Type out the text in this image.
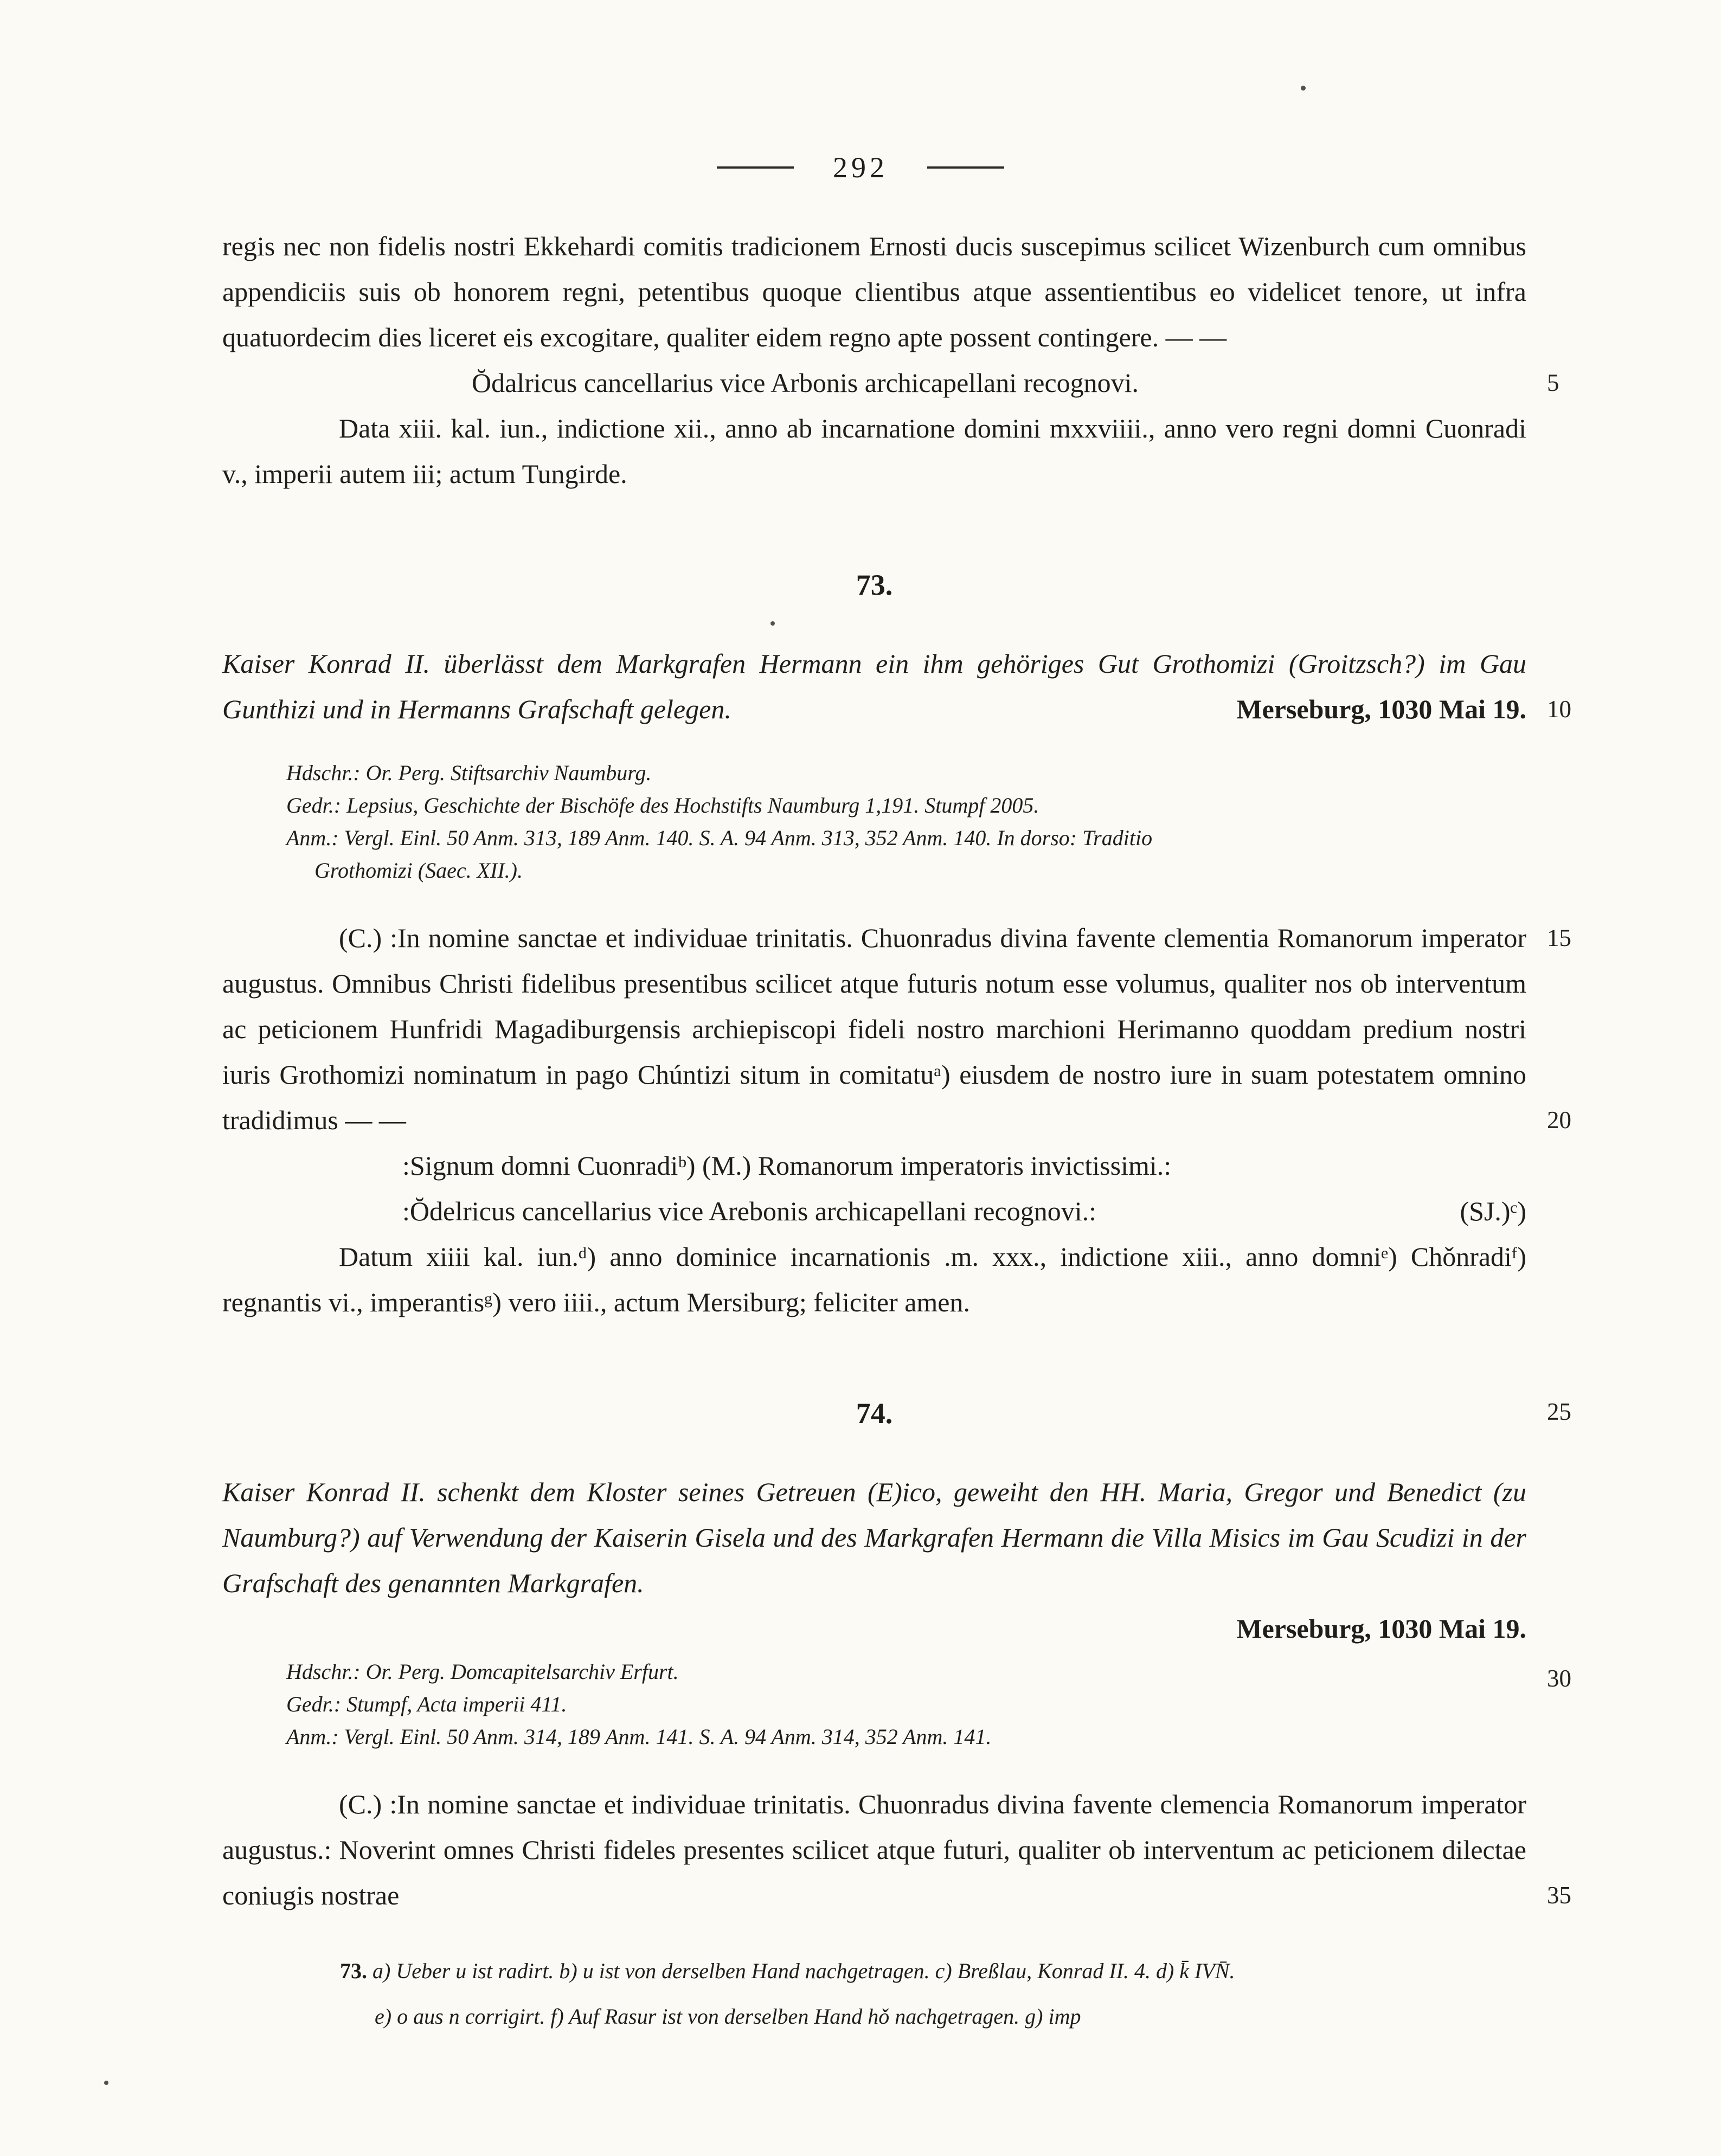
292

regis nec non fidelis nostri Ekkehardi comitis tradicionem Ernosti ducis suscepimus scilicet Wizenburch cum omnibus appendiciis suis ob honorem regni, petentibus quoque clientibus atque assentientibus eo videlicet tenore, ut infra quatuordecim dies liceret eis excogitare, qualiter eidem regno apte possent contingere. — —

Ŏdalricus cancellarius vice Arbonis archicapellani recognovi.	5

Data xiii. kal. iun., indictione xii., anno ab incarnatione domini mxxviiii., anno vero regni domni Cuonradi v., imperii autem iii; actum Tungirde.

73.

Kaiser Konrad II. überlässt dem Markgrafen Hermann ein ihm gehöriges Gut Grothomizi (Groitzsch?) im Gau Gunthizi und in Hermanns Grafschaft gelegen.	Merseburg, 1030 Mai 19. 10
Hdschr.: Or. Perg. Stiftsarchiv Naumburg.
Gedr.: Lepsius, Geschichte der Bischöfe des Hochstifts Naumburg 1,191. Stumpf 2005.
Anm.: Vergl. Einl. 50 Anm. 313, 189 Anm. 140. S. A. 94 Anm. 313, 352 Anm. 140. In dorso: Traditio
Grothomizi (Saec. XII.).

(C.) :In nomine sanctae et individuae trinitatis. Chuonradus divina favente clementia Romanorum imperator augustus. Omnibus Christi fidelibus presentibus scilicet atque futuris notum esse volumus, qualiter nos ob interventum ac peticionem Hunfridi Magadiburgensis archiepiscopi fideli nostro marchioni Herimanno quoddam predium nostri iuris Grothomizi nominatum in pago Chúntizi situm in comitatuᵃ) eiusdem de nostro iure in suam potestatem omnino tradidimus — —

15
20
:Signum domni Cuonradiᵇ) (M.) Romanorum imperatoris invictissimi.:
:Ŏdelricus cancellarius vice Arebonis archicapellani recognovi.:	(SJ.)ᶜ)

Datum xiiii kal. iun.ᵈ) anno dominice incarnationis .m. xxx., indictione xiii., anno domniᵉ) Chǒnradiᶠ) regnantis vi., imperantisᵍ) vero iiii., actum Mersiburg; feliciter amen.

74.	25

Kaiser Konrad II. schenkt dem Kloster seines Getreuen (E)ico, geweiht den HH. Maria, Gregor und Benedict (zu Naumburg?) auf Verwendung der Kaiserin Gisela und des Markgrafen Hermann die Villa Misics im Gau Scudizi in der Grafschaft des genannten Markgrafen.

Merseburg, 1030 Mai 19.
Hdschr.: Or. Perg. Domcapitelsarchiv Erfurt.
Gedr.: Stumpf, Acta imperii 411.
Anm.: Vergl. Einl. 50 Anm. 314, 189 Anm. 141. S. A. 94 Anm. 314, 352 Anm. 141.
30

(C.) :In nomine sanctae et individuae trinitatis. Chuonradus divina favente clemencia Romanorum imperator augustus.: Noverint omnes Christi fideles presentes scilicet atque futuri, qualiter ob interventum ac peticionem dilectae coniugis nostrae	35
73. a) Ueber u ist radirt. b) u ist von derselben Hand nachgetragen. c) Breßlau, Konrad II. 4. d) k̄ IVN̄.
e) o aus n corrigirt. f) Auf Rasur ist von derselben Hand hǒ nachgetragen. g) imp
